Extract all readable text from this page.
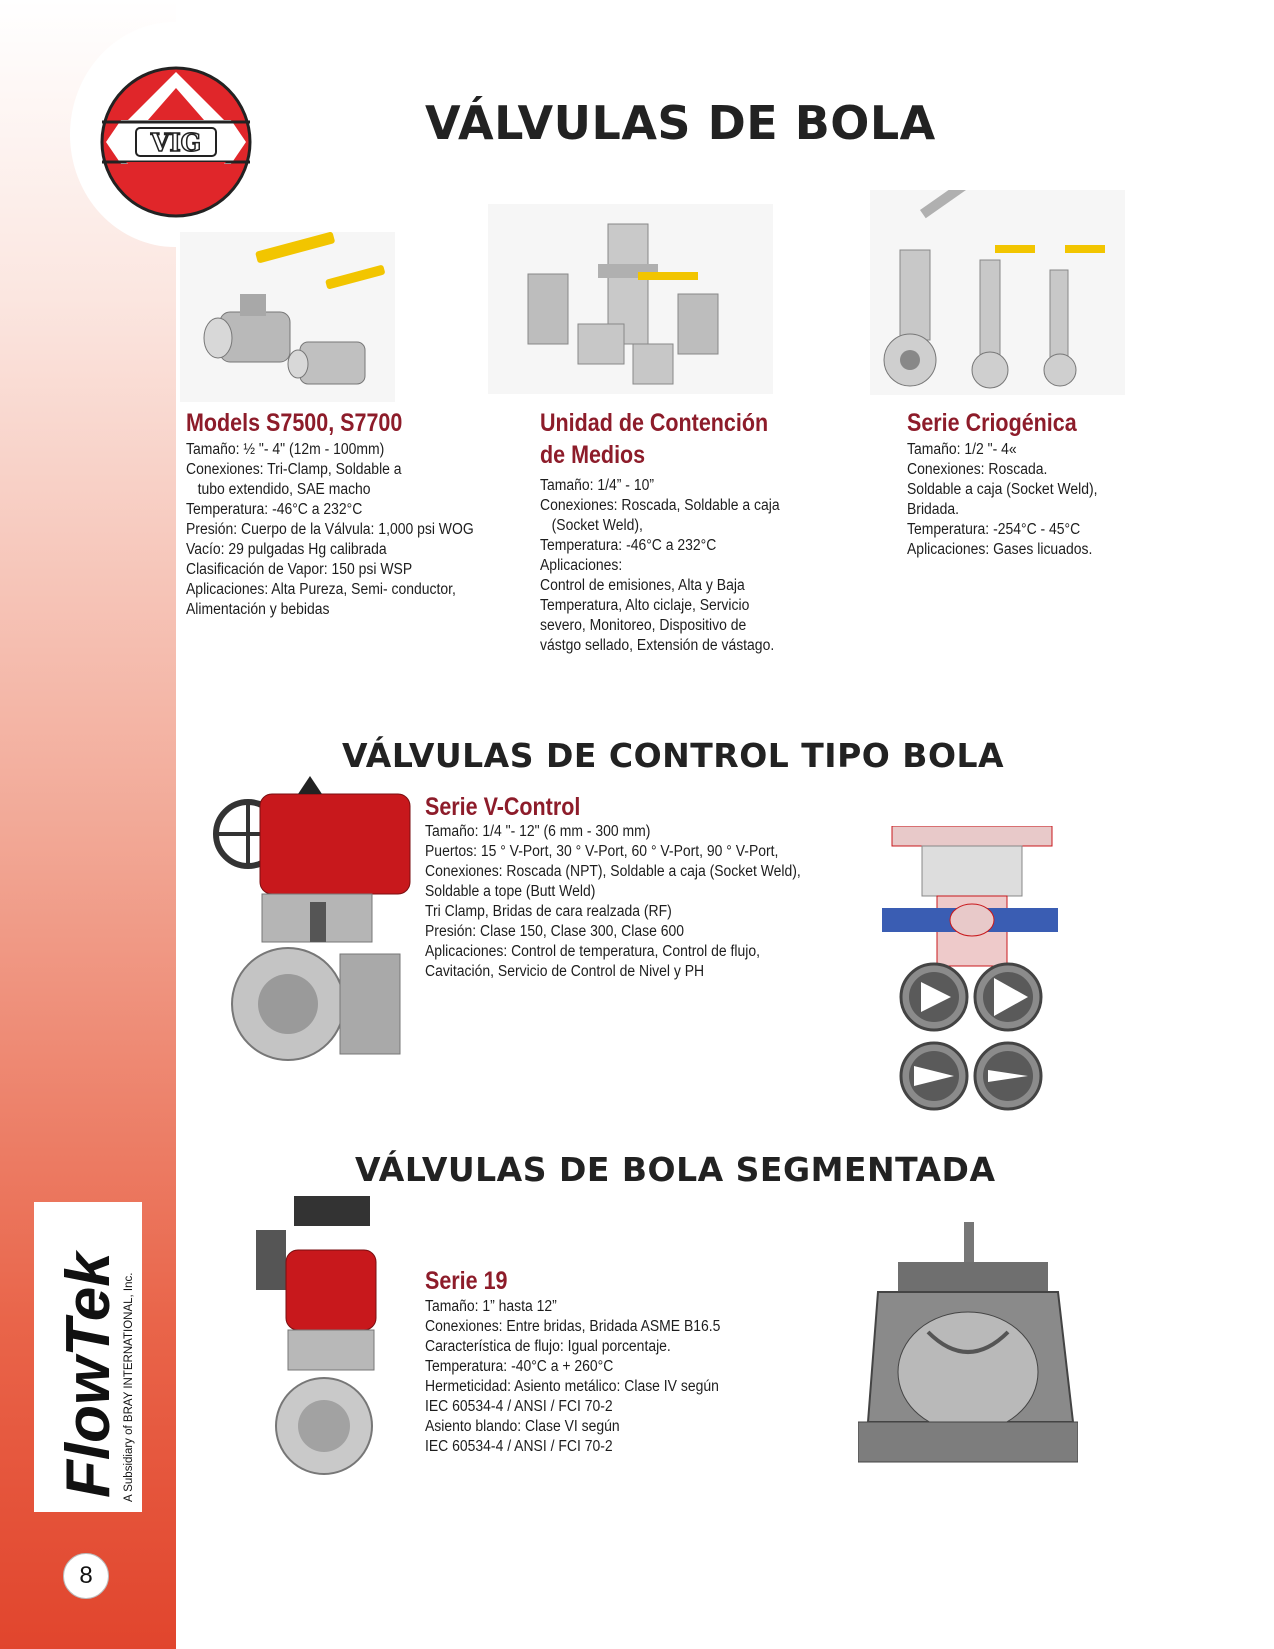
VIG	VÁLVULAS DE BOLA
Models S7500, S7700
Tamaño: ½ "- 4" (12m - 100mm)
Conexiones: Tri-Clamp, Soldable a
tubo extendido, SAE macho
Temperatura: -46°C a 232°C
Presión: Cuerpo de la Válvula: 1,000 psi WOG
Vacío: 29 pulgadas Hg calibrada
Clasificación de Vapor: 150 psi WSP
Aplicaciones: Alta Pureza, Semi- conductor,
Alimentación y bebidas
Unidad de Contención
de Medios
Tamaño: 1/4” - 10”
Conexiones: Roscada, Soldable a caja
(Socket Weld),
Temperatura: -46°C a 232°C
Aplicaciones:
Control de emisiones, Alta y Baja
Temperatura, Alto ciclaje, Servicio
severo, Monitoreo, Dispositivo de
vástgo sellado, Extensión de vástago.
Serie Criogénica
Tamaño: 1/2 "- 4«
Conexiones: Roscada.
Soldable a caja (Socket Weld),
Bridada.
Temperatura: -254°C - 45°C
Aplicaciones: Gases licuados.
VÁLVULAS DE CONTROL TIPO BOLA
Serie V-Control
Tamaño: 1/4 "- 12" (6 mm - 300 mm)
Puertos: 15 ° V-Port, 30 ° V-Port, 60 ° V-Port, 90 ° V-Port,
Conexiones: Roscada (NPT), Soldable a caja (Socket Weld),
Soldable a tope (Butt Weld)
Tri Clamp, Bridas de cara realzada (RF)
Presión: Clase 150, Clase 300, Clase 600
Aplicaciones: Control de temperatura, Control de flujo,
Cavitación, Servicio de Control de Nivel y PH
VÁLVULAS DE BOLA SEGMENTADA
Serie 19
Tamaño: 1” hasta 12”
Conexiones: Entre bridas, Bridada ASME B16.5
Característica de flujo: Igual porcentaje.
Temperatura: -40°C a + 260°C
Hermeticidad: Asiento metálico: Clase IV según
IEC 60534-4 / ANSI / FCI 70-2
Asiento blando: Clase VI según
IEC 60534-4 / ANSI / FCI 70-2
FlowTek A Subsidiary of BRAY INTERNATIONAL, Inc.
8
